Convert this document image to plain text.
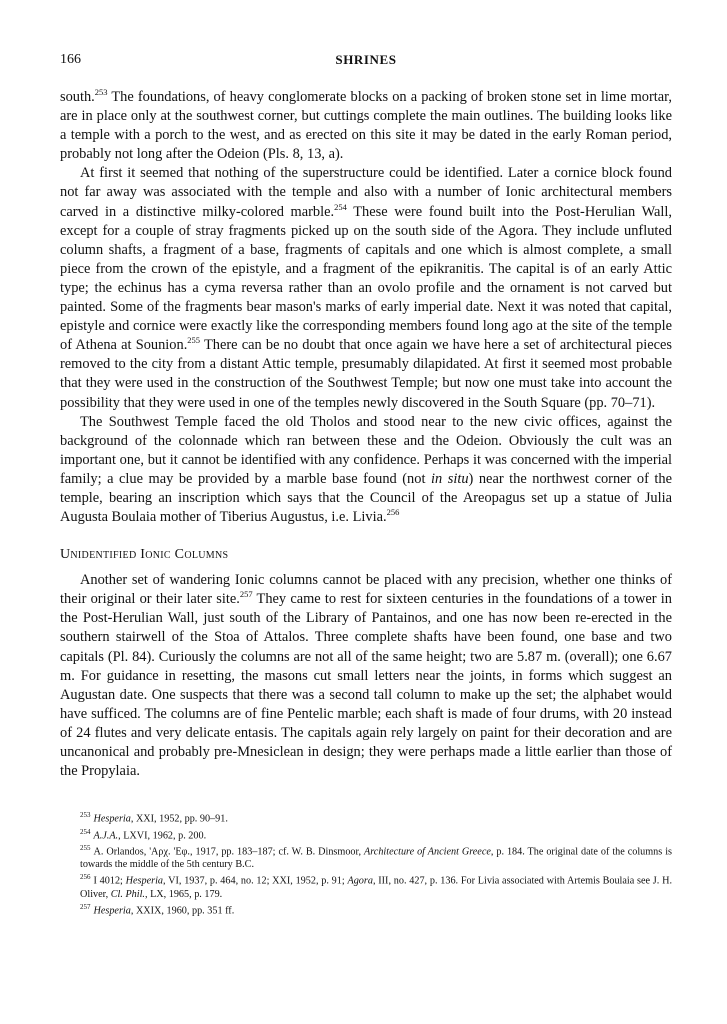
166	SHRINES

south.$^{253}$ The foundations, of heavy conglomerate blocks on a packing of broken stone set in lime mortar, are in place only at the southwest corner, but cuttings complete the main outlines. The building looks like a temple with a porch to the west, and as erected on this site it may be dated in the early Roman period, probably not long after the Odeion (Pls. 8, 13, a).

At first it seemed that nothing of the superstructure could be identified. Later a cornice block found not far away was associated with the temple and also with a number of Ionic architectural members carved in a distinctive milky-colored marble.$^{254}$ These were found built into the Post-Herulian Wall, except for a couple of stray fragments picked up on the south side of the Agora. They include unfluted column shafts, a fragment of a base, fragments of capitals and one which is almost complete, a small piece from the crown of the epistyle, and a fragment of the epikranitis. The capital is of an early Attic type; the echinus has a cyma reversa rather than an ovolo profile and the ornament is not carved but painted. Some of the fragments bear mason's marks of early imperial date. Next it was noted that capital, epistyle and cornice were exactly like the corresponding members found long ago at the site of the temple of Athena at Sounion.$^{255}$ There can be no doubt that once again we have here a set of architectural pieces removed to the city from a distant Attic temple, presumably dilapidated. At first it seemed most probable that they were used in the construction of the Southwest Temple; but now one must take into account the possibility that they were used in one of the temples newly discovered in the South Square (pp. 70–71).

The Southwest Temple faced the old Tholos and stood near to the new civic offices, against the background of the colonnade which ran between these and the Odeion. Obviously the cult was an important one, but it cannot be identified with any confidence. Perhaps it was concerned with the imperial family; a clue may be provided by a marble base found (not in situ) near the northwest corner of the temple, bearing an inscription which says that the Council of the Areopagus set up a statue of Julia Augusta Boulaia mother of Tiberius Augustus, i.e. Livia.$^{256}$

Unidentified Ionic Columns

Another set of wandering Ionic columns cannot be placed with any precision, whether one thinks of their original or their later site.$^{257}$ They came to rest for sixteen centuries in the foundations of a tower in the Post-Herulian Wall, just south of the Library of Pantainos, and one has now been re-erected in the southern stairwell of the Stoa of Attalos. Three complete shafts have been found, one base and two capitals (Pl. 84). Curiously the columns are not all of the same height; two are 5.87 m. (overall); one 6.67 m. For guidance in resetting, the masons cut small letters near the joints, in forms which suggest an Augustan date. One suspects that there was a second tall column to make up the set; the alphabet would have sufficed. The columns are of fine Pentelic marble; each shaft is made of four drums, with 20 instead of 24 flutes and very delicate entasis. The capitals again rely largely on paint for their decoration and are uncanonical and probably pre-Mnesiclean in design; they were perhaps made a little earlier than those of the Propylaia.

$^{253}$ Hesperia, XXI, 1952, pp. 90–91.
$^{254}$ A.J.A., LXVI, 1962, p. 200.
$^{255}$ A. Orlandos, 'Αρχ. 'Εφ., 1917, pp. 183–187; cf. W. B. Dinsmoor, Architecture of Ancient Greece, p. 184. The original date of the columns is towards the middle of the 5th century B.C.
$^{256}$ I 4012; Hesperia, VI, 1937, p. 464, no. 12; XXI, 1952, p. 91; Agora, III, no. 427, p. 136. For Livia associated with Artemis Boulaia see J. H. Oliver, Cl. Phil., LX, 1965, p. 179.
$^{257}$ Hesperia, XXIX, 1960, pp. 351 ff.
